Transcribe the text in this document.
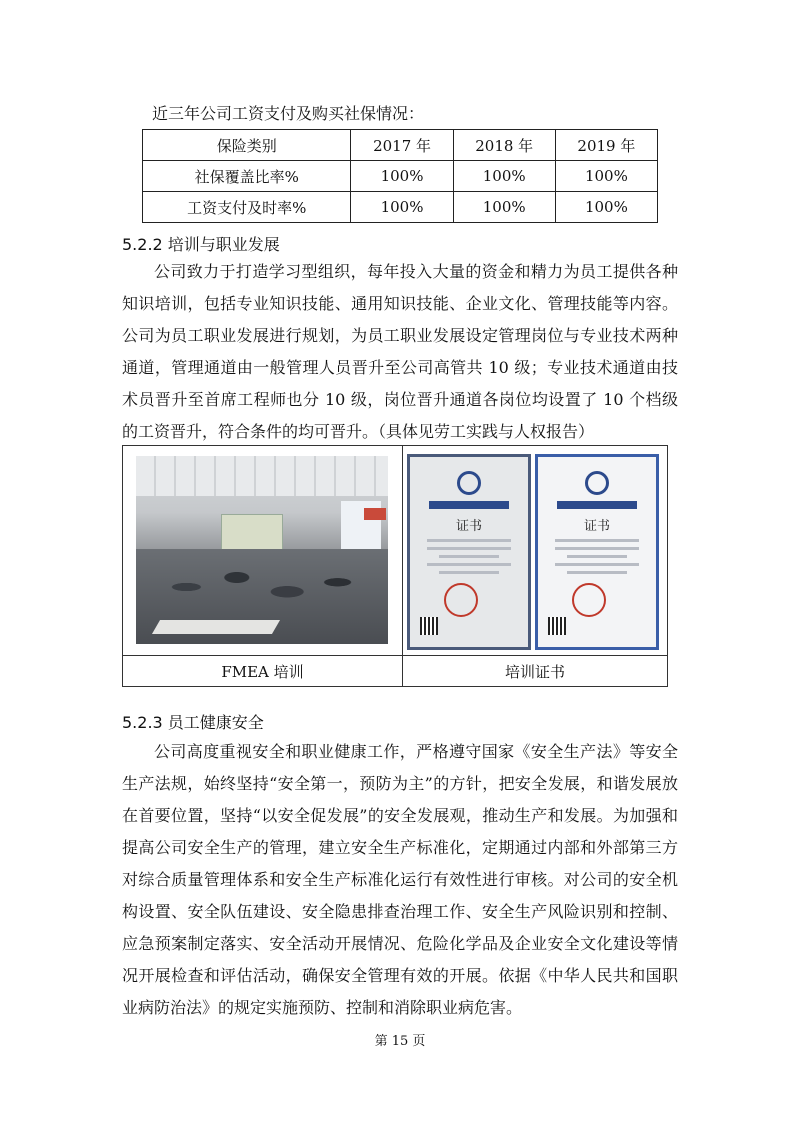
近三年公司工资支付及购买社保情况：

保险类别	2017 年	2018 年	2019 年
社保覆盖比率%	100%	100%	100%
工资支付及时率%	100%	100%	100%
5.2.2 培训与职业发展

公司致力于打造学习型组织，每年投入大量的资金和精力为员工提供各种知识培训，包括专业知识技能、通用知识技能、企业文化、管理技能等内容。公司为员工职业发展进行规划，为员工职业发展设定管理岗位与专业技术两种通道，管理通道由一般管理人员晋升至公司高管共 10 级；专业技术通道由技术员晋升至首席工程师也分 10 级，岗位晋升通道各岗位均设置了 10 个档级的工资晋升，符合条件的均可晋升。（具体见劳工实践与人权报告）

证书	证书
FMEA 培训	培训证书
5.2.3 员工健康安全

公司高度重视安全和职业健康工作，严格遵守国家《安全生产法》等安全生产法规，始终坚持“安全第一，预防为主”的方针，把安全发展，和谐发展放在首要位置，坚持“以安全促发展”的安全发展观，推动生产和发展。为加强和提高公司安全生产的管理，建立安全生产标准化，定期通过内部和外部第三方对综合质量管理体系和安全生产标准化运行有效性进行审核。对公司的安全机构设置、安全队伍建设、安全隐患排查治理工作、安全生产风险识别和控制、应急预案制定落实、安全活动开展情况、危险化学品及企业安全文化建设等情况开展检查和评估活动，确保安全管理有效的开展。依据《中华人民共和国职业病防治法》的规定实施预防、控制和消除职业病危害。

第 15 页
